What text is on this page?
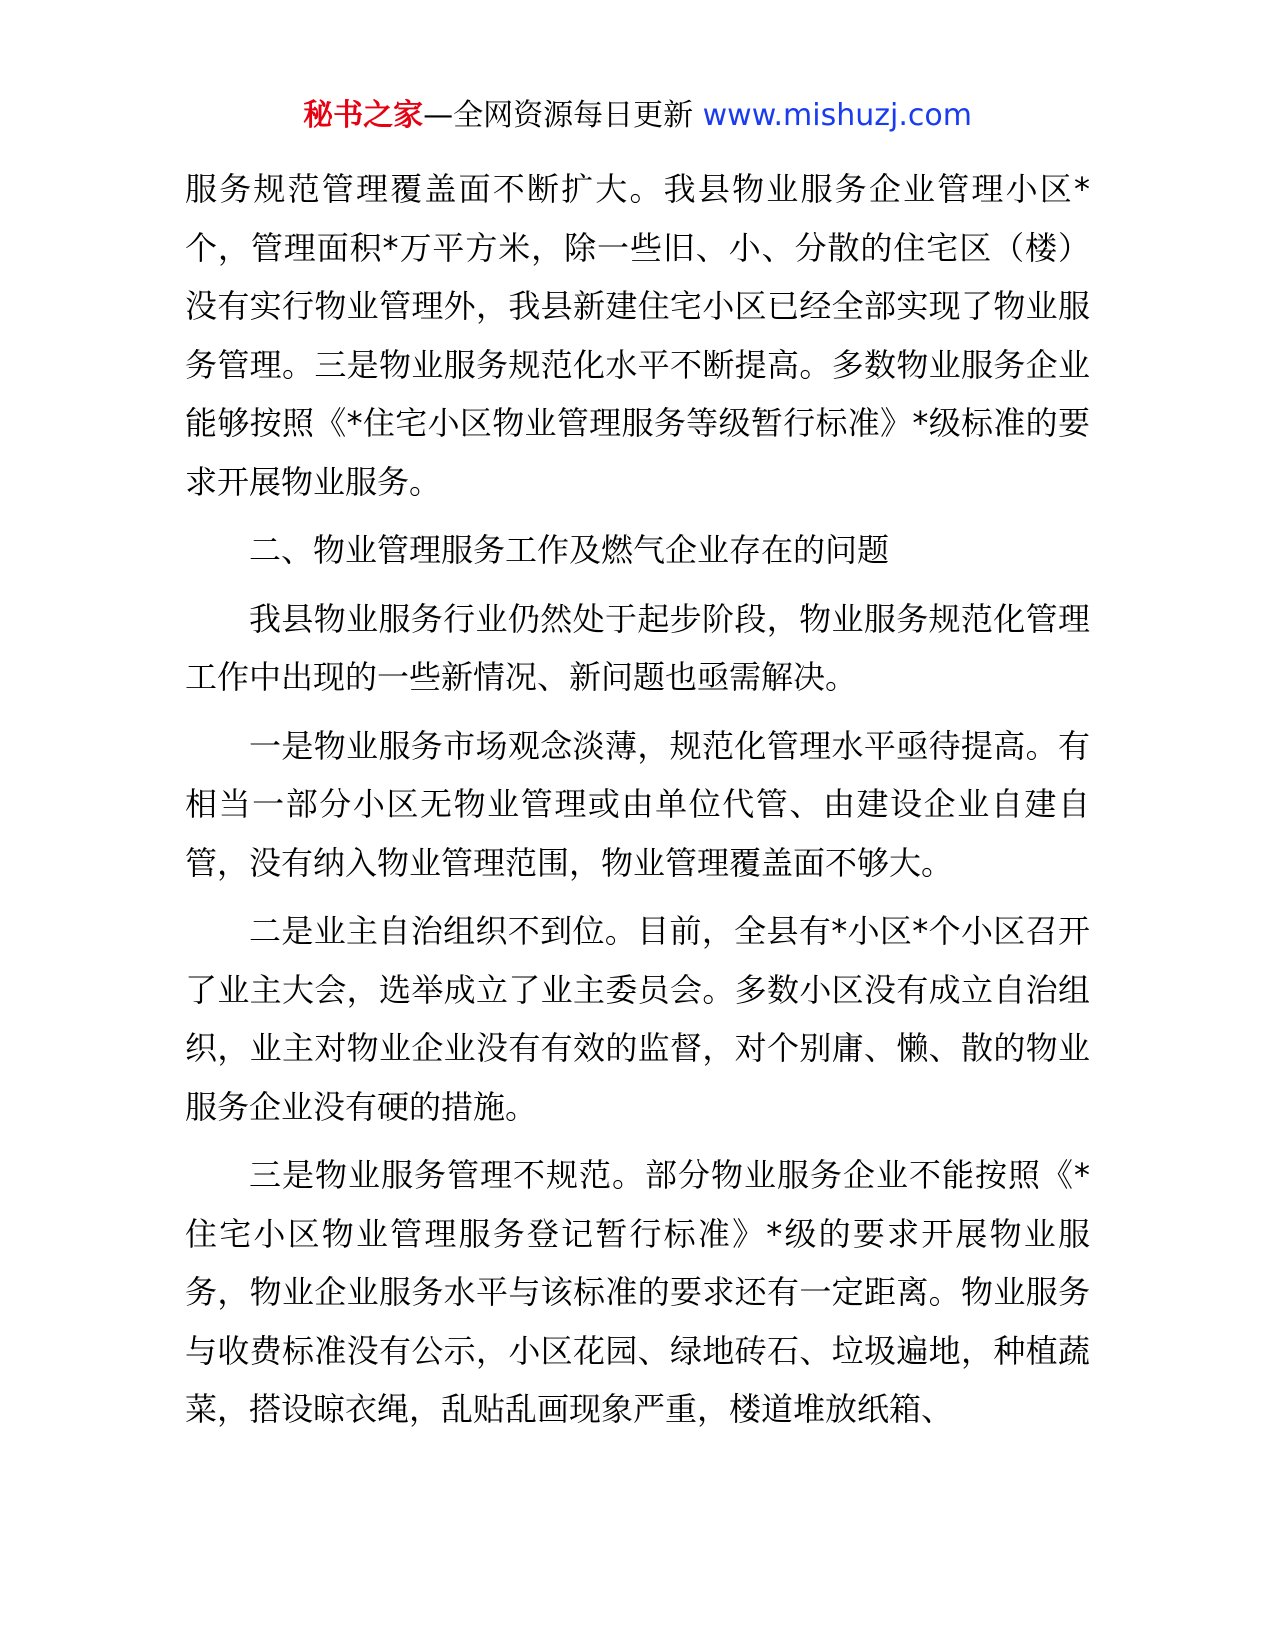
秘书之家—全网资源每日更新 www.mishuzj.com

服务规范管理覆盖面不断扩大。我县物业服务企业管理小区*个，管理面积*万平方米，除一些旧、小、分散的住宅区（楼）没有实行物业管理外，我县新建住宅小区已经全部实现了物业服务管理。三是物业服务规范化水平不断提高。多数物业服务企业能够按照《*住宅小区物业管理服务等级暂行标准》*级标准的要求开展物业服务。

二、物业管理服务工作及燃气企业存在的问题

我县物业服务行业仍然处于起步阶段，物业服务规范化管理工作中出现的一些新情况、新问题也亟需解决。

一是物业服务市场观念淡薄，规范化管理水平亟待提高。有相当一部分小区无物业管理或由单位代管、由建设企业自建自管，没有纳入物业管理范围，物业管理覆盖面不够大。

二是业主自治组织不到位。目前，全县有*小区*个小区召开了业主大会，选举成立了业主委员会。多数小区没有成立自治组织，业主对物业企业没有有效的监督，对个别庸、懒、散的物业服务企业没有硬的措施。

三是物业服务管理不规范。部分物业服务企业不能按照《*住宅小区物业管理服务登记暂行标准》*级的要求开展物业服务，物业企业服务水平与该标准的要求还有一定距离。物业服务与收费标准没有公示，小区花园、绿地砖石、垃圾遍地，种植蔬菜，搭设晾衣绳，乱贴乱画现象严重，楼道堆放纸箱、
